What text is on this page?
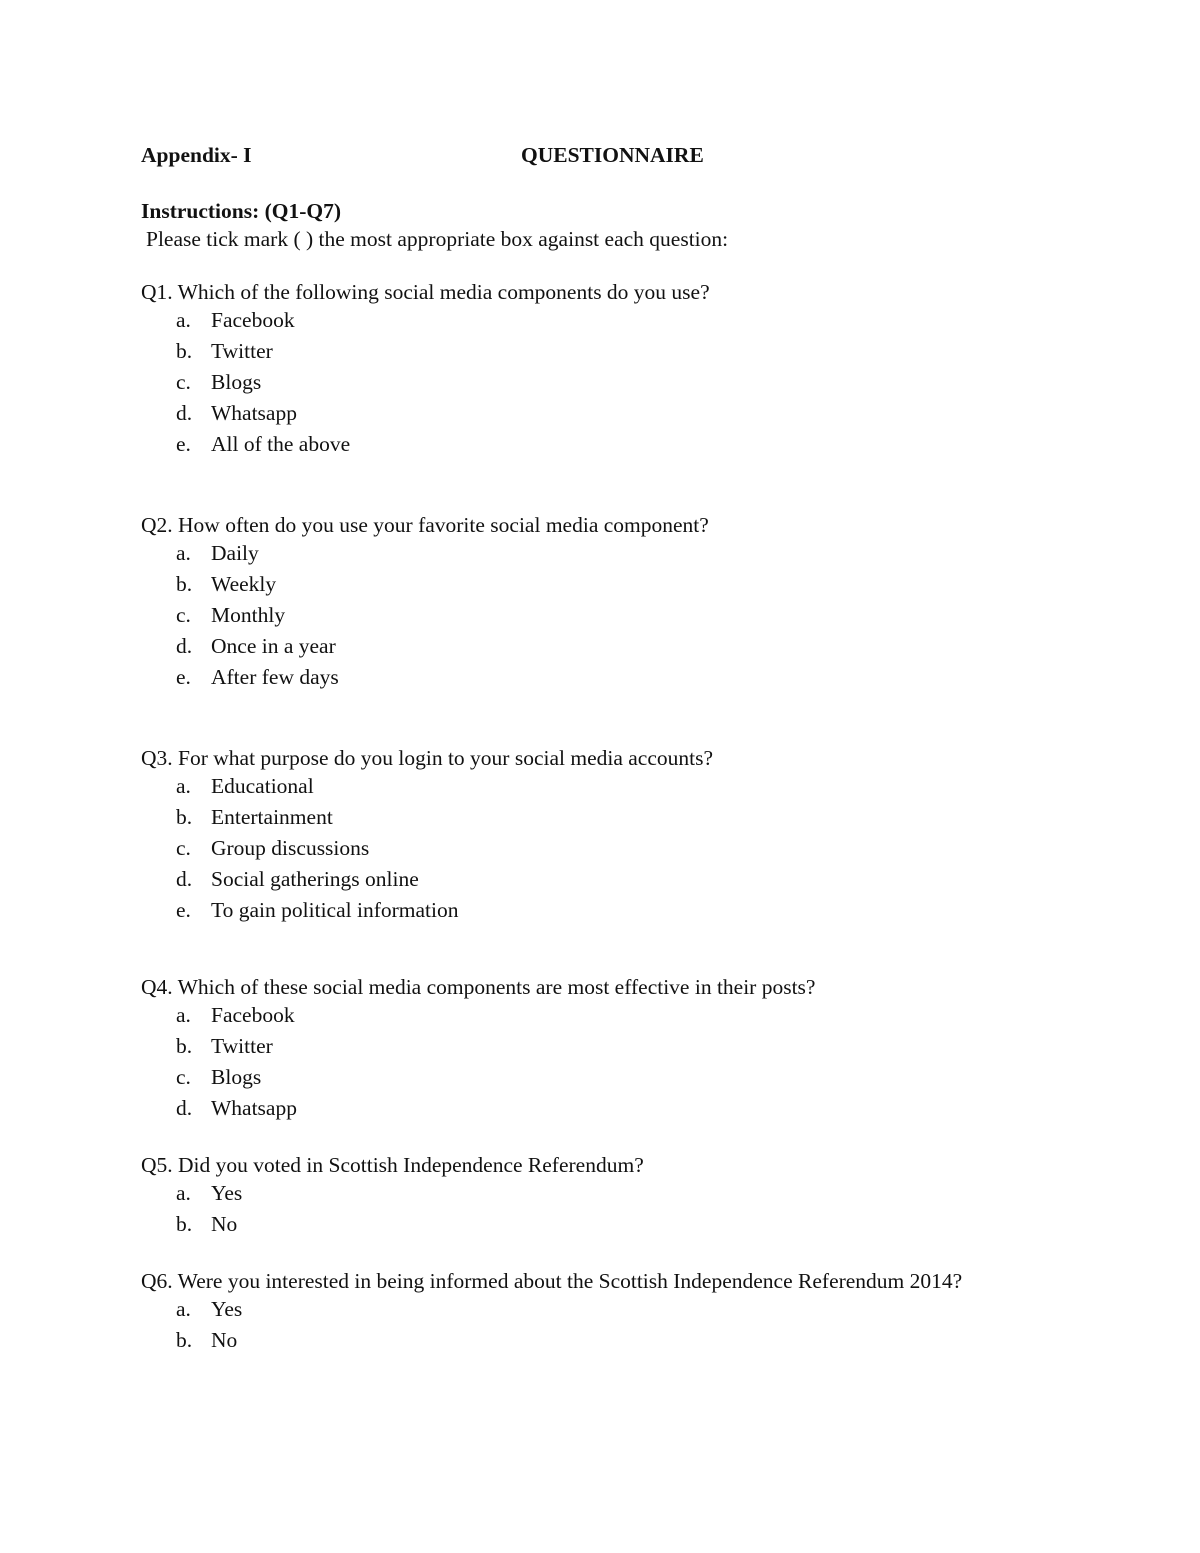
Appendix- I	QUESTIONNAIRE
Instructions: (Q1-Q7)
Please tick mark ( ) the most appropriate box against each question:
Q1. Which of the following social media components do you use?
a. Facebook
b. Twitter
c. Blogs
d. Whatsapp
e. All of the above
Q2. How often do you use your favorite social media component?
a. Daily
b. Weekly
c. Monthly
d. Once in a year
e. After few days
Q3. For what purpose do you login to your social media accounts?
a. Educational
b. Entertainment
c. Group discussions
d. Social gatherings online
e. To gain political information
Q4. Which of these social media components are most effective in their posts?
a. Facebook
b. Twitter
c. Blogs
d. Whatsapp
Q5. Did you voted in Scottish Independence Referendum?
a. Yes
b. No
Q6. Were you interested in being informed about the Scottish Independence Referendum 2014?
a. Yes
b. No
